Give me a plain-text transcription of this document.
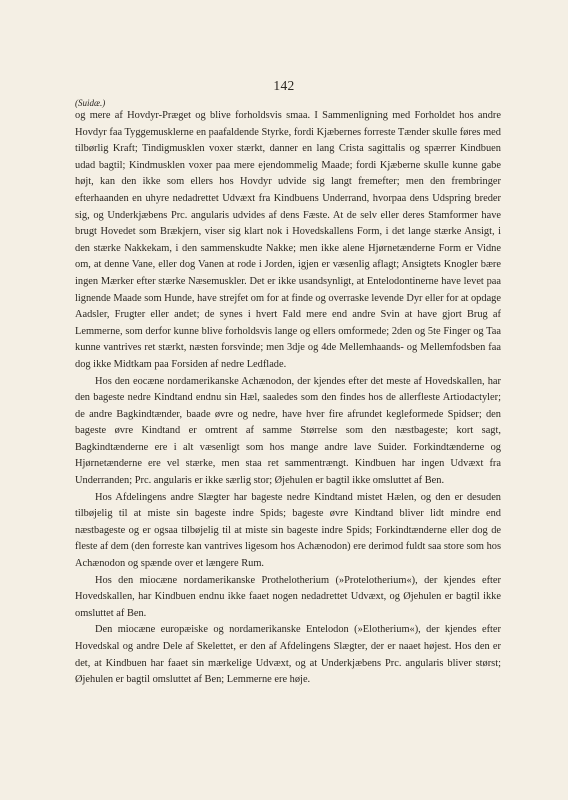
142
(Suidæ.)

og mere af Hovdyr-Præget og blive forholdsvis smaa. I Sammenligning med Forholdet hos andre Hovdyr faa Tyggemusklerne en paafaldende Styrke, fordi Kjæbernes forreste Tænder skulle føres med tilbørlig Kraft; Tindigmusklen voxer stærkt, danner en lang Crista sagittalis og spærrer Kindbuen udad bagtil; Kindmusklen voxer paa mere ejendommelig Maade; fordi Kjæberne skulle kunne gabe højt, kan den ikke som ellers hos Hovdyr udvide sig langt fremefter; men den frembringer efterhaanden en uhyre nedadrettet Udvæxt fra Kindbuens Underrand, hvorpaa dens Udspring breder sig, og Underkjæbens Prc. angularis udvides af dens Fæste. At de selv eller deres Stamformer have brugt Hovedet som Brækjern, viser sig klart nok i Hovedskallens Form, i det lange stærke Ansigt, i den stærke Nakkekam, i den sammenskudte Nakke; men ikke alene Hjørnetænderne Form er Vidne om, at denne Vane, eller dog Vanen at rode i Jorden, igjen er væsenlig aflagt; Ansigtets Knogler bære ingen Mærker efter stærke Næsemuskler. Det er ikke usandsynligt, at Entelodontinerne have levet paa lignende Maade som Hunde, have strejfet om for at finde og overraske levende Dyr eller for at opdage Aadsler, Frugter eller andet; de synes i hvert Fald mere end andre Svin at have gjort Brug af Lemmerne, som derfor kunne blive forholdsvis lange og ellers omformede; 2den og 5te Finger og Taa kunne vantrives ret stærkt, næsten forsvinde; men 3dje og 4de Mellemhaands- og Mellemfodsben faa dog ikke Midtkam paa Forsiden af nedre Ledflade.

Hos den eocæne nordamerikanske Achænodon, der kjendes efter det meste af Hovedskallen, har den bageste nedre Kindtand endnu sin Hæl, saaledes som den findes hos de allerfleste Artiodactyler; de andre Bagkindtænder, baade øvre og nedre, have hver fire afrundet kegleformede Spidser; den bageste øvre Kindtand er omtrent af samme Størrelse som den næstbageste; kort sagt, Bagkindtænderne ere i alt væsenligt som hos mange andre lave Suider. Forkindtænderne og Hjørnetænderne ere vel stærke, men staa ret sammentrængt. Kindbuen har ingen Udvæxt fra Underranden; Prc. angularis er ikke særlig stor; Øjehulen er bagtil ikke omsluttet af Ben.

Hos Afdelingens andre Slægter har bageste nedre Kindtand mistet Hælen, og den er desuden tilbøjelig til at miste sin bageste indre Spids; bageste øvre Kindtand bliver lidt mindre end næstbageste og er ogsaa tilbøjelig til at miste sin bageste indre Spids; Forkindtænderne eller dog de fleste af dem (den forreste kan vantrives ligesom hos Achænodon) ere derimod fuldt saa store som hos Achænodon og spænde over et længere Rum.

Hos den miocæne nordamerikanske Prothelotherium (»Protelotherium«), der kjendes efter Hovedskallen, har Kindbuen endnu ikke faaet nogen nedadrettet Udvæxt, og Øjehulen er bagtil ikke omsluttet af Ben.

Den miocæne europæiske og nordamerikanske Entelodon (»Elotherium«), der kjendes efter Hovedskal og andre Dele af Skelettet, er den af Afdelingens Slægter, der er naaet højest. Hos den er det, at Kindbuen har faaet sin mærkelige Udvæxt, og at Underkjæbens Prc. angularis bliver størst; Øjehulen er bagtil omsluttet af Ben; Lemmerne ere høje.
